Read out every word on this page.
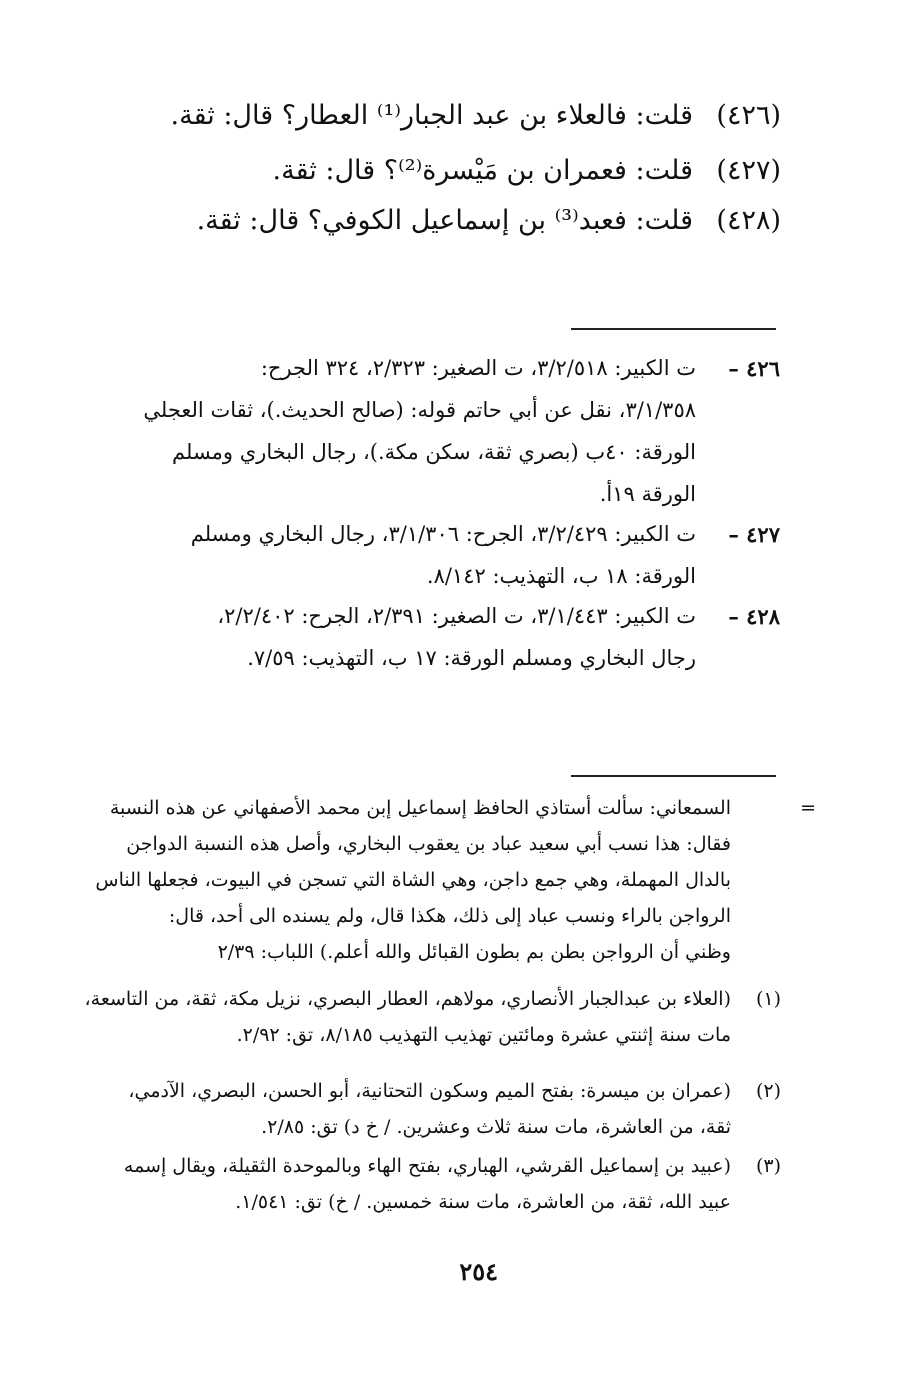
(٤٢٦)
قلت: فالعلاء بن عبد الجبار⁽¹⁾ العطار؟ قال: ثقة.
(٤٢٧)
قلت: فعمران بن مَيْسرة⁽²⁾؟ قال: ثقة.
(٤٢٨)
قلت: فعبد⁽³⁾ بن إسماعيل الكوفي؟ قال: ثقة.
٤٢٦ –
ت الكبير: ٣/٢/٥١٨، ت الصغير: ٢/٣٢٣، ٣٢٤ الجرح:
٣/١/٣٥٨، نقل عن أبي حاتم قوله: (صالح الحديث.)، ثقات العجلي
الورقة: ٤٠ب (بصري ثقة، سكن مكة.)، رجال البخاري ومسلم
الورقة ١٩أ.
٤٢٧ –
ت الكبير: ٣/٢/٤٢٩، الجرح: ٣/١/٣٠٦، رجال البخاري ومسلم
الورقة: ١٨ ب، التهذيب: ٨/١٤٢.
٤٢٨ –
ت الكبير: ٣/١/٤٤٣، ت الصغير: ٢/٣٩١، الجرح: ٢/٢/٤٠٢،
رجال البخاري ومسلم الورقة: ١٧ ب، التهذيب: ٧/٥٩.
=
السمعاني: سألت أستاذي الحافظ إسماعيل إبن محمد الأصفهاني عن هذه النسبة
فقال: هذا نسب أبي سعيد عباد بن يعقوب البخاري، وأصل هذه النسبة الدواجن
بالدال المهملة، وهي جمع داجن، وهي الشاة التي تسجن في البيوت، فجعلها الناس
الرواجن بالراء ونسب عباد إلى ذلك، هكذا قال، ولم يسنده الى أحد، قال:
وظني أن الرواجن بطن بم بطون القبائل والله أعلم.) اللباب: ٢/٣٩
(١)
(العلاء بن عبدالجبار الأنصاري، مولاهم، العطار البصري، نزيل مكة، ثقة، من التاسعة،
مات سنة إثنتي عشرة ومائتين تهذيب التهذيب ٨/١٨٥، تق: ٢/٩٢.
(٢)
(عمران بن ميسرة: بفتح الميم وسكون التحتانية، أبو الحسن، البصري، الآدمي،
ثقة، من العاشرة، مات سنة ثلاث وعشرين. / خ د) تق: ٢/٨٥.
(٣)
(عبيد بن إسماعيل القرشي، الهباري، بفتح الهاء وبالموحدة الثقيلة، ويقال إسمه
عبيد الله، ثقة، من العاشرة، مات سنة خمسين. / خ) تق: ١/٥٤١.
٢٥٤
